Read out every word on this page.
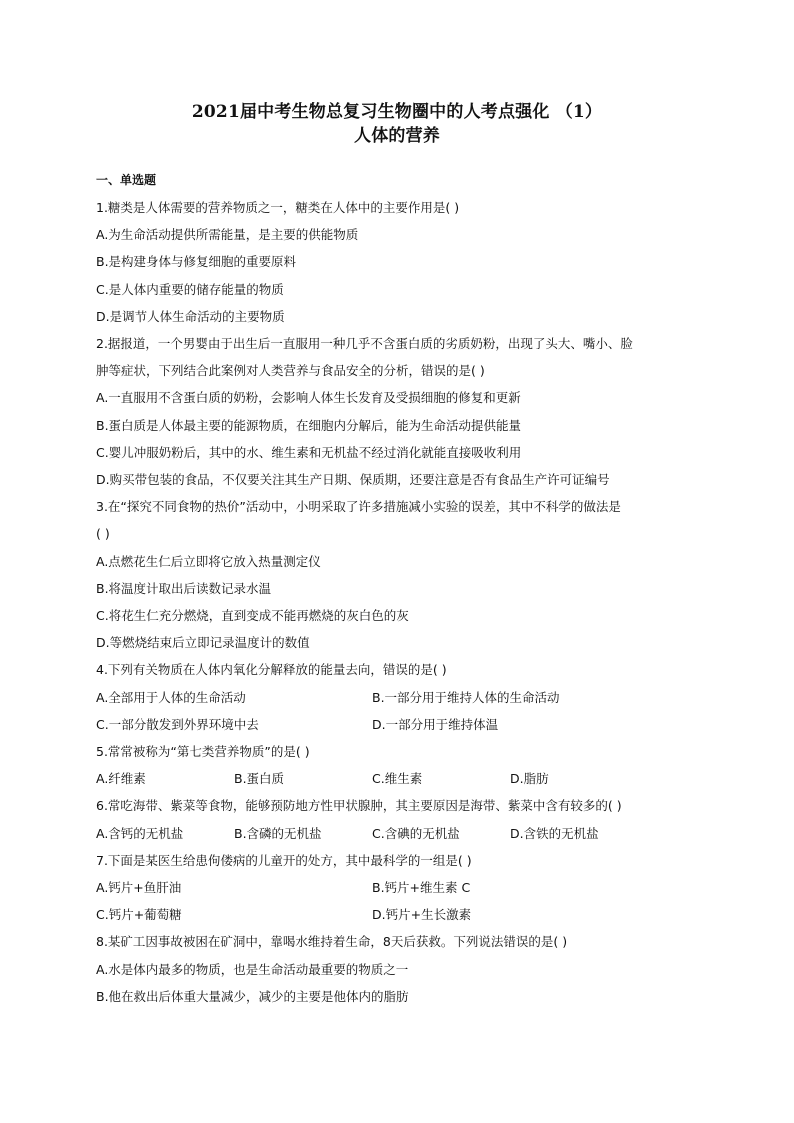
2021届中考生物总复习生物圈中的人考点强化 （1）
人体的营养
一、单选题
1.糖类是人体需要的营养物质之一，糖类在人体中的主要作用是( )
A.为生命活动提供所需能量，是主要的供能物质
B.是构建身体与修复细胞的重要原料
C.是人体内重要的储存能量的物质
D.是调节人体生命活动的主要物质
2.据报道，一个男婴由于出生后一直服用一种几乎不含蛋白质的劣质奶粉，出现了头大、嘴小、脸
肿等症状，下列结合此案例对人类营养与食品安全的分析，错误的是( )
A.一直服用不含蛋白质的奶粉，会影响人体生长发育及受损细胞的修复和更新
B.蛋白质是人体最主要的能源物质，在细胞内分解后，能为生命活动提供能量
C.婴儿冲服奶粉后，其中的水、维生素和无机盐不经过消化就能直接吸收利用
D.购买带包装的食品，不仅要关注其生产日期、保质期，还要注意是否有食品生产许可证编号
3.在“探究不同食物的热价”活动中，小明采取了许多措施减小实验的误差，其中不科学的做法是
( )
A.点燃花生仁后立即将它放入热量测定仪
B.将温度计取出后读数记录水温
C.将花生仁充分燃烧，直到变成不能再燃烧的灰白色的灰
D.等燃烧结束后立即记录温度计的数值
4.下列有关物质在人体内氧化分解释放的能量去向，错误的是( )
A.全部用于人体的生命活动	B.一部分用于维持人体的生命活动
C.一部分散发到外界环境中去	D.一部分用于维持体温
5.常常被称为“第七类营养物质”的是( )
A.纤维素	B.蛋白质	C.维生素	D.脂肪
6.常吃海带、紫菜等食物，能够预防地方性甲状腺肿，其主要原因是海带、紫菜中含有较多的( )
A.含钙的无机盐	B.含磷的无机盐	C.含碘的无机盐	D.含铁的无机盐
7.下面是某医生给患佝偻病的儿童开的处方，其中最科学的一组是( )
A.钙片+鱼肝油	B.钙片+维生素 C
C.钙片+葡萄糖	D.钙片+生长激素
8.某矿工因事故被困在矿洞中，靠喝水维持着生命，8天后获救。下列说法错误的是( )
A.水是体内最多的物质，也是生命活动最重要的物质之一
B.他在救出后体重大量减少，减少的主要是他体内的脂肪
